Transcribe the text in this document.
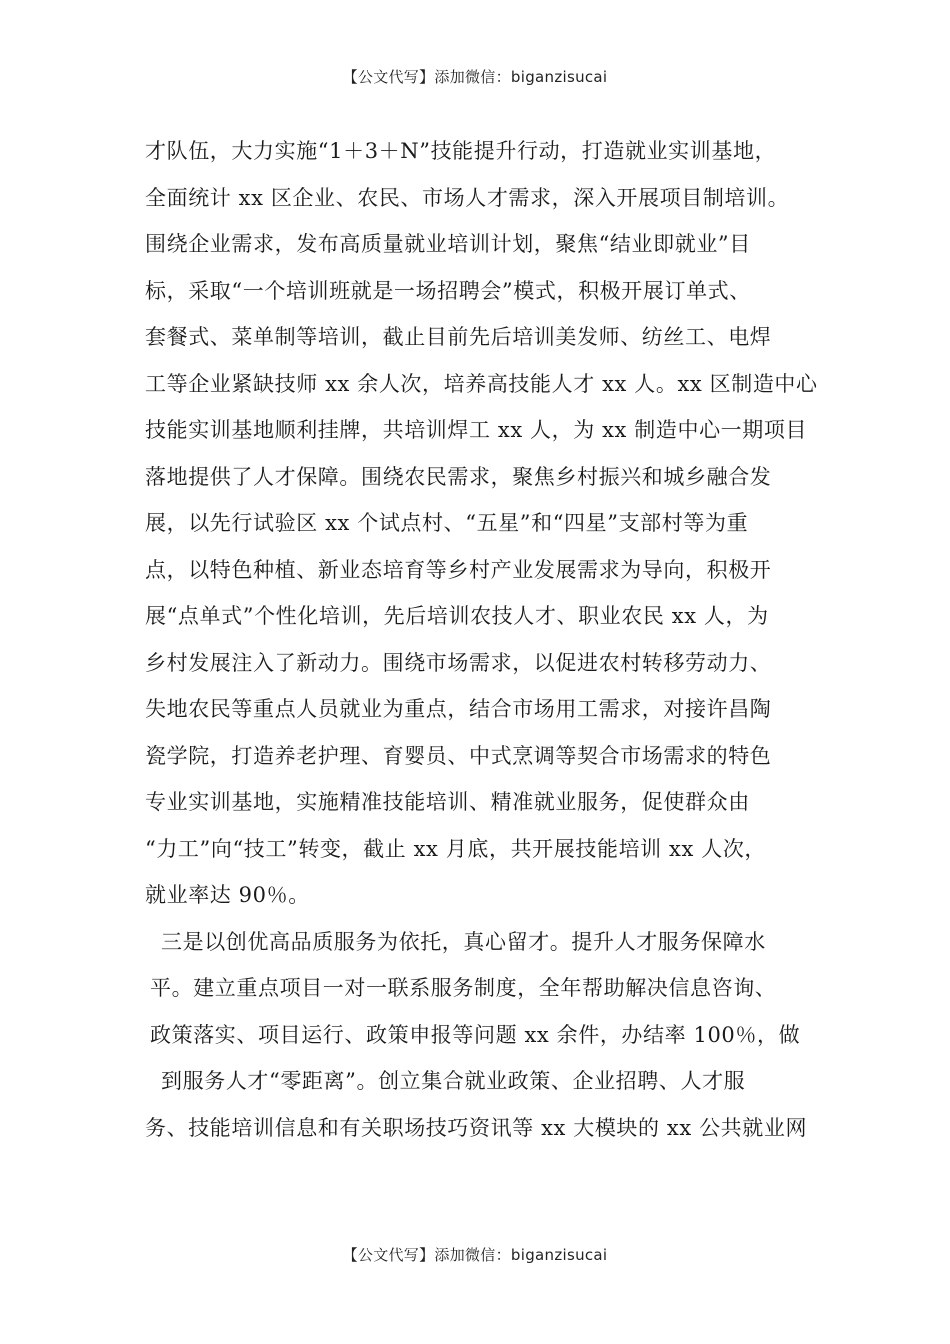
【公文代写】添加微信：biganzisucai
才队伍，大力实施“1＋3＋N”技能提升行动，打造就业实训基地，
全面统计 xx 区企业、农民、市场人才需求，深入开展项目制培训。
围绕企业需求，发布高质量就业培训计划，聚焦“结业即就业”目
标，采取“一个培训班就是一场招聘会”模式，积极开展订单式、
套餐式、菜单制等培训，截止目前先后培训美发师、纺丝工、电焊
工等企业紧缺技师 xx 余人次，培养高技能人才 xx 人。xx 区制造中心
技能实训基地顺利挂牌，共培训焊工 xx 人，为 xx 制造中心一期项目
落地提供了人才保障。围绕农民需求，聚焦乡村振兴和城乡融合发
展，以先行试验区 xx 个试点村、“五星”和“四星”支部村等为重
点，以特色种植、新业态培育等乡村产业发展需求为导向，积极开
展“点单式”个性化培训，先后培训农技人才、职业农民 xx 人，为
乡村发展注入了新动力。围绕市场需求，以促进农村转移劳动力、
失地农民等重点人员就业为重点，结合市场用工需求，对接许昌陶
瓷学院，打造养老护理、育婴员、中式烹调等契合市场需求的特色
专业实训基地，实施精准技能培训、精准就业服务，促使群众由
“力工”向“技工”转变，截止 xx 月底，共开展技能培训 xx 人次，
就业率达 90％。
三是以创优高品质服务为依托，真心留才。提升人才服务保障水
平。建立重点项目一对一联系服务制度，全年帮助解决信息咨询、
政策落实、项目运行、政策申报等问题 xx 余件，办结率 100％，做
到服务人才“零距离”。创立集合就业政策、企业招聘、人才服
务、技能培训信息和有关职场技巧资讯等 xx 大模块的 xx 公共就业网
【公文代写】添加微信：biganzisucai
